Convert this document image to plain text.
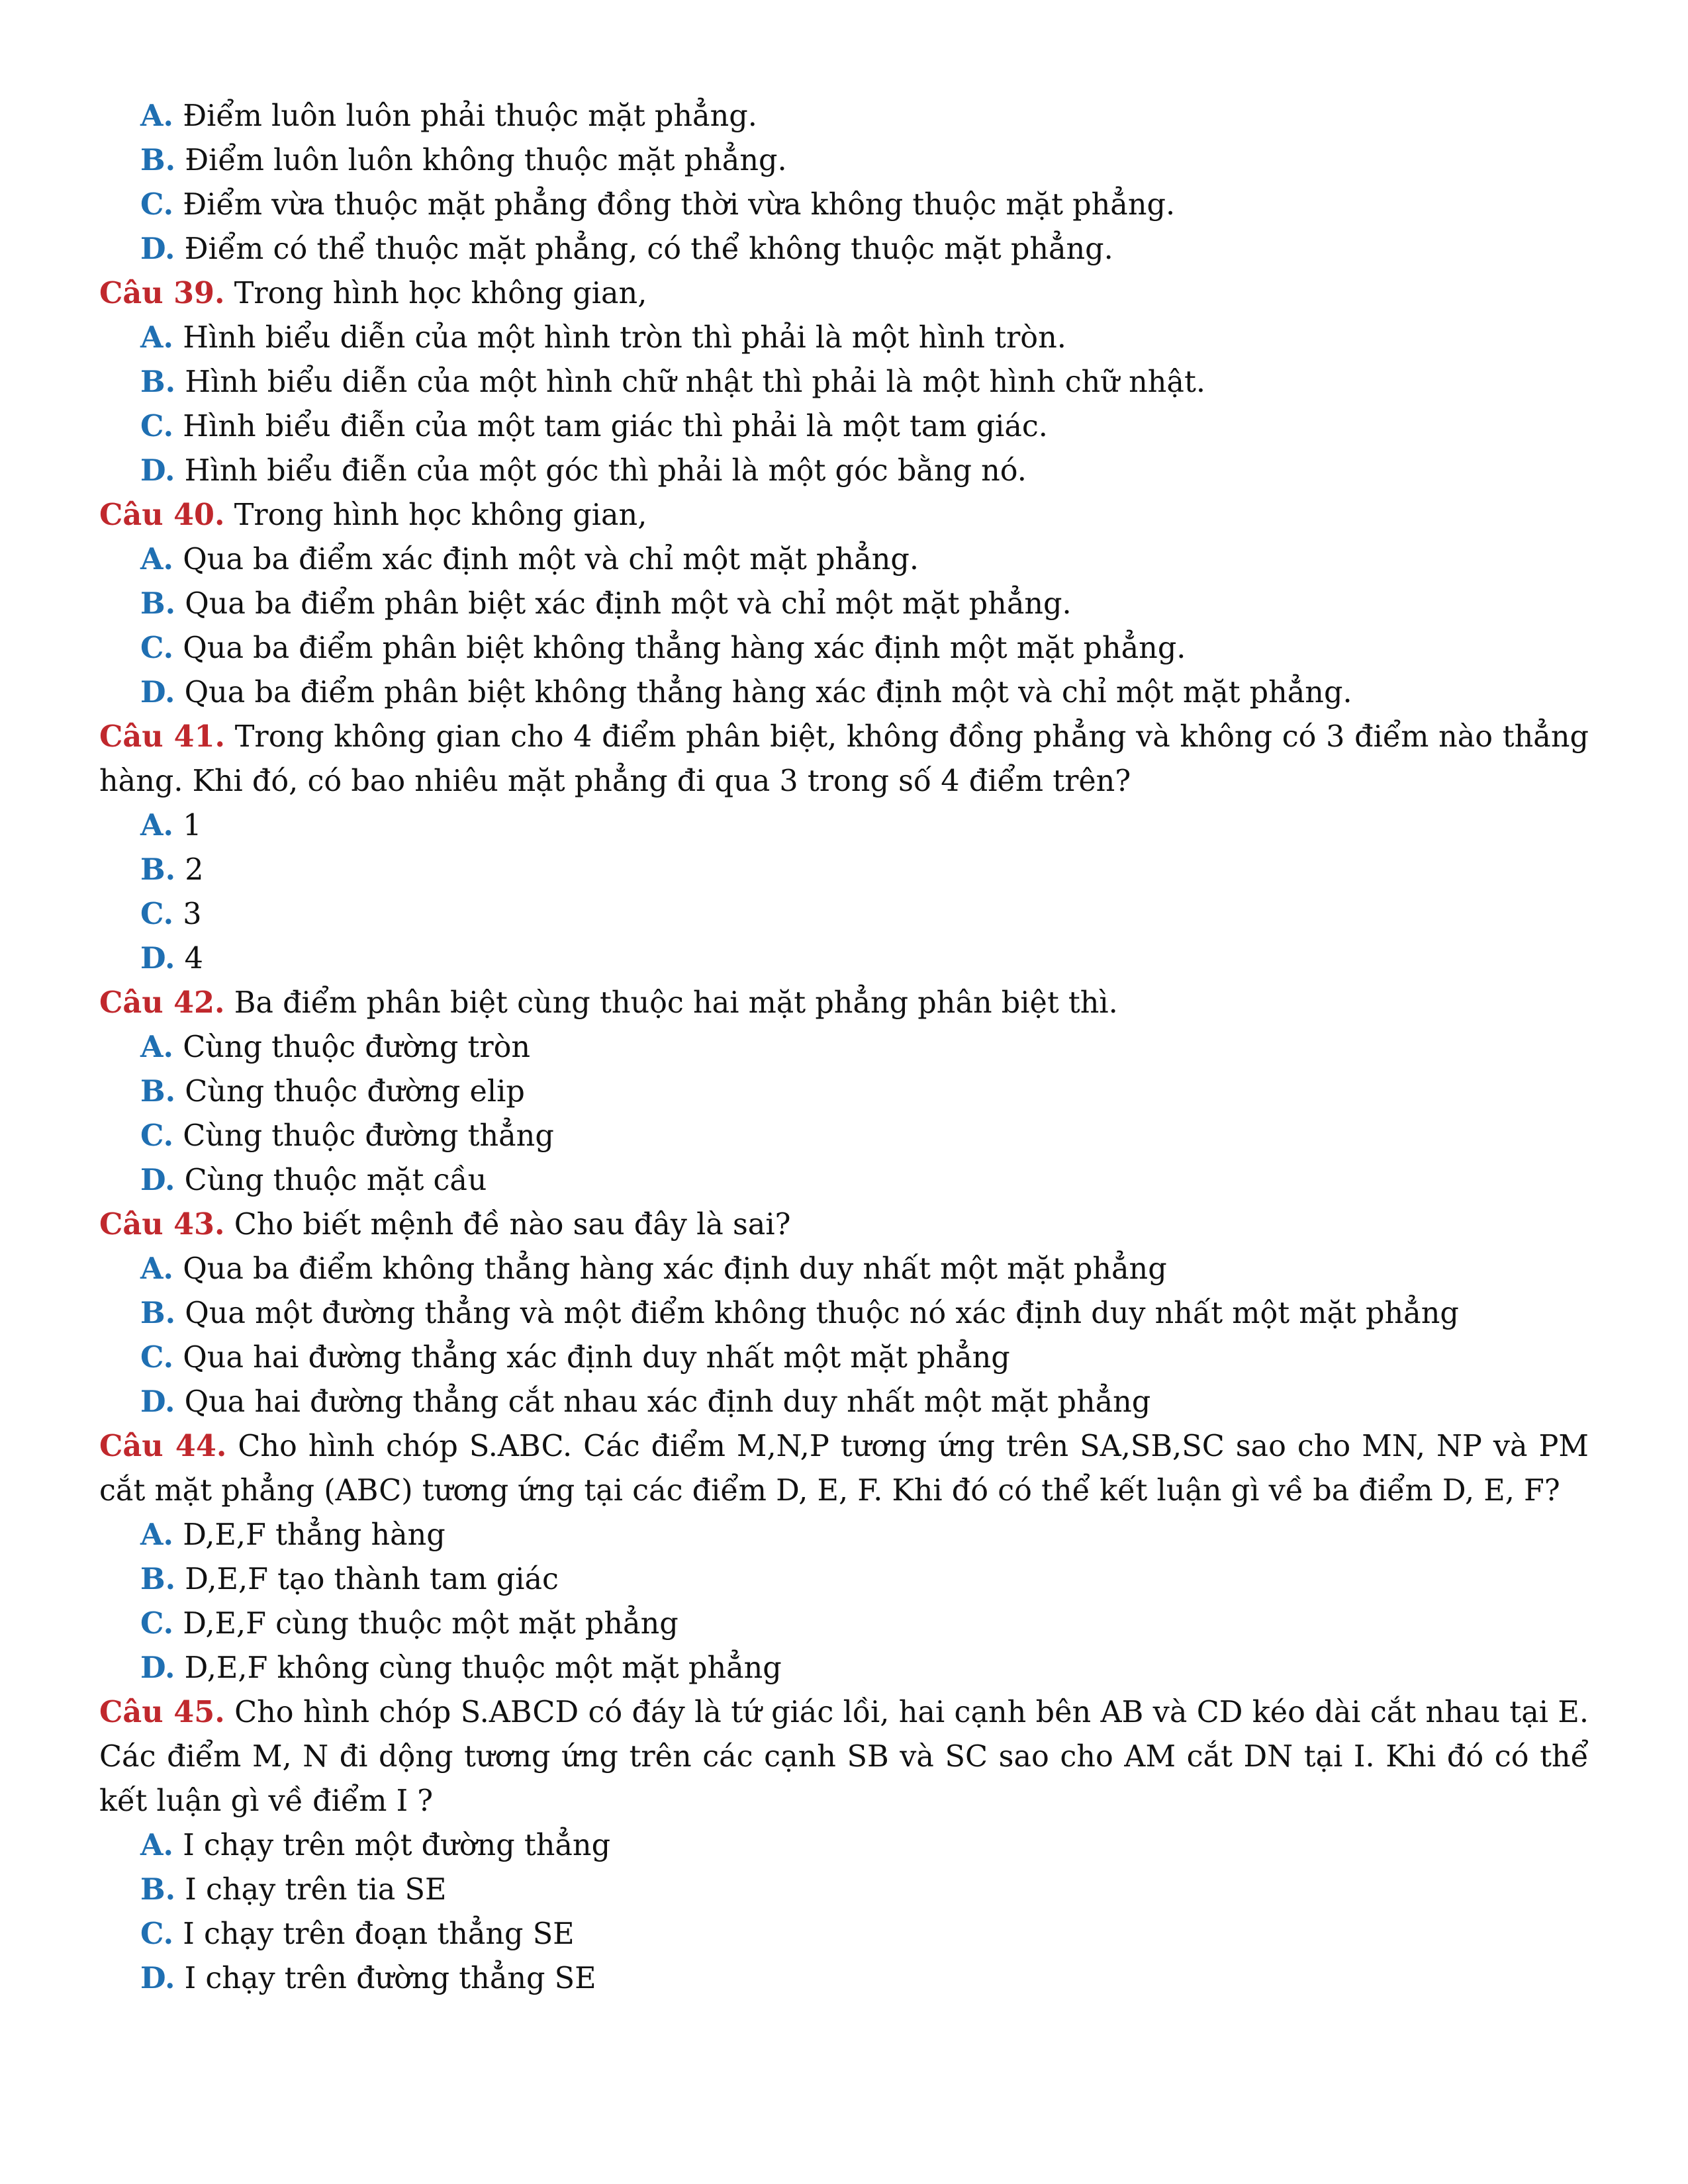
A. Điểm luôn luôn phải thuộc mặt phẳng.
B. Điểm luôn luôn không thuộc mặt phẳng.
C. Điểm vừa thuộc mặt phẳng đồng thời vừa không thuộc mặt phẳng.
D. Điểm có thể thuộc mặt phẳng, có thể không thuộc mặt phẳng.

Câu 39. Trong hình học không gian,

A. Hình biểu diễn của một hình tròn thì phải là một hình tròn.
B. Hình biểu diễn của một hình chữ nhật thì phải là một hình chữ nhật.
C. Hình biểu điễn của một tam giác thì phải là một tam giác.
D. Hình biểu điễn của một góc thì phải là một góc bằng nó.

Câu 40. Trong hình học không gian,

A. Qua ba điểm xác định một và chỉ một mặt phẳng.
B. Qua ba điểm phân biệt xác định một và chỉ một mặt phẳng.
C. Qua ba điểm phân biệt không thẳng hàng xác định một mặt phẳng.
D. Qua ba điểm phân biệt không thẳng hàng xác định một và chỉ một mặt phẳng.

Câu 41. Trong không gian cho 4 điểm phân biệt, không đồng phẳng và không có 3 điểm nào thẳng hàng. Khi đó, có bao nhiêu mặt phẳng đi qua 3 trong số 4 điểm trên?

A. 1
B. 2
C. 3
D. 4

Câu 42. Ba điểm phân biệt cùng thuộc hai mặt phẳng phân biệt thì.

A. Cùng thuộc đường tròn
B. Cùng thuộc đường elip
C. Cùng thuộc đường thẳng
D. Cùng thuộc mặt cầu

Câu 43. Cho biết mệnh đề nào sau đây là sai?

A. Qua ba điểm không thẳng hàng xác định duy nhất một mặt phẳng
B. Qua một đường thẳng và một điểm không thuộc nó xác định duy nhất một mặt phẳng
C. Qua hai đường thẳng xác định duy nhất một mặt phẳng
D. Qua hai đường thẳng cắt nhau xác định duy nhất một mặt phẳng

Câu 44. Cho hình chóp S.ABC. Các điểm M,N,P tương ứng trên SA,SB,SC sao cho MN, NP và PM cắt mặt phẳng (ABC) tương ứng tại các điểm D, E, F. Khi đó có thể kết luận gì về ba điểm D, E, F?

A. D,E,F thẳng hàng
B. D,E,F tạo thành tam giác
C. D,E,F cùng thuộc một mặt phẳng
D. D,E,F không cùng thuộc một mặt phẳng

Câu 45. Cho hình chóp S.ABCD có đáy là tứ giác lồi, hai cạnh bên AB và CD kéo dài cắt nhau tại E. Các điểm M, N đi dộng tương ứng trên các cạnh SB và SC sao cho AM cắt DN tại I. Khi đó có thể kết luận gì về điểm I ?

A. I chạy trên một đường thẳng
B. I chạy trên tia SE
C. I chạy trên đoạn thẳng SE
D. I chạy trên đường thẳng SE
